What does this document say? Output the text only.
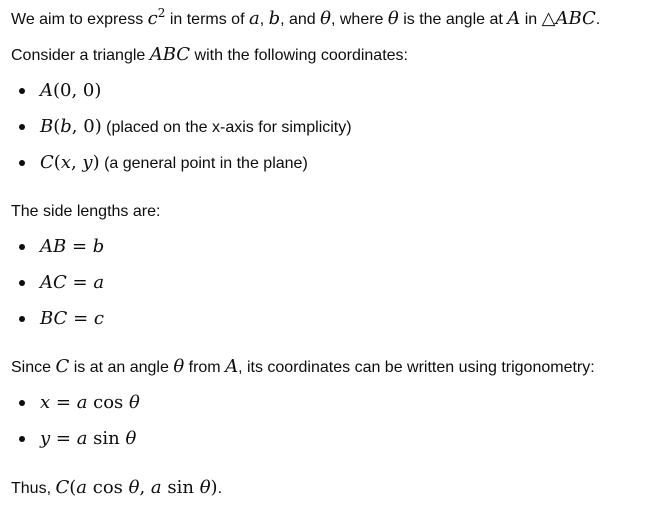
We aim to express $c^2$ in terms of a, b, and θ, where θ is the angle at A in △ABC.
Consider a triangle ABC with the following coordinates:
A(0, 0)
B(b, 0) (placed on the x-axis for simplicity)
C(x, y) (a general point in the plane)
The side lengths are:
AB = b
AC = a
BC = c
Since C is at an angle θ from A, its coordinates can be written using trigonometry:
x = a cos θ
y = a sin θ
Thus, C(a cos θ, a sin θ).
